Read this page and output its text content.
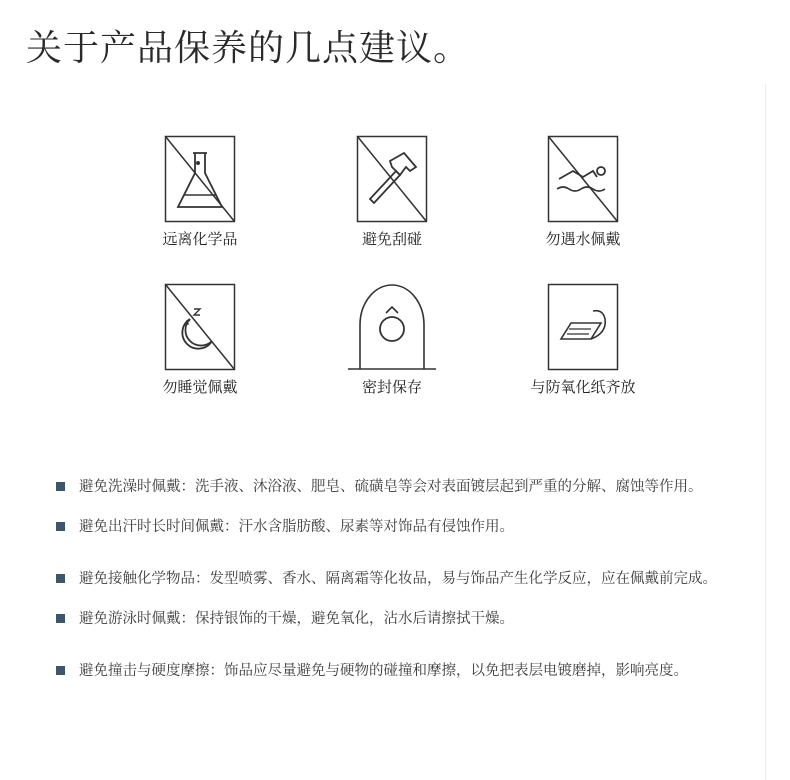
关于产品保养的几点建议。
远离化学品	避免刮碰	勿遇水佩戴
勿睡觉佩戴	密封保存	与防氧化纸齐放
避免洗澡时佩戴：洗手液、沐浴液、肥皂、硫磺皂等会对表面镀层起到严重的分解、腐蚀等作用。
避免出汗时长时间佩戴：汗水含脂肪酸、尿素等对饰品有侵蚀作用。
避免接触化学物品：发型喷雾、香水、隔离霜等化妆品，易与饰品产生化学反应，应在佩戴前完成。
避免游泳时佩戴：保持银饰的干燥，避免氧化，沾水后请擦拭干燥。
避免撞击与硬度摩擦：饰品应尽量避免与硬物的碰撞和摩擦，以免把表层电镀磨掉，影响亮度。
